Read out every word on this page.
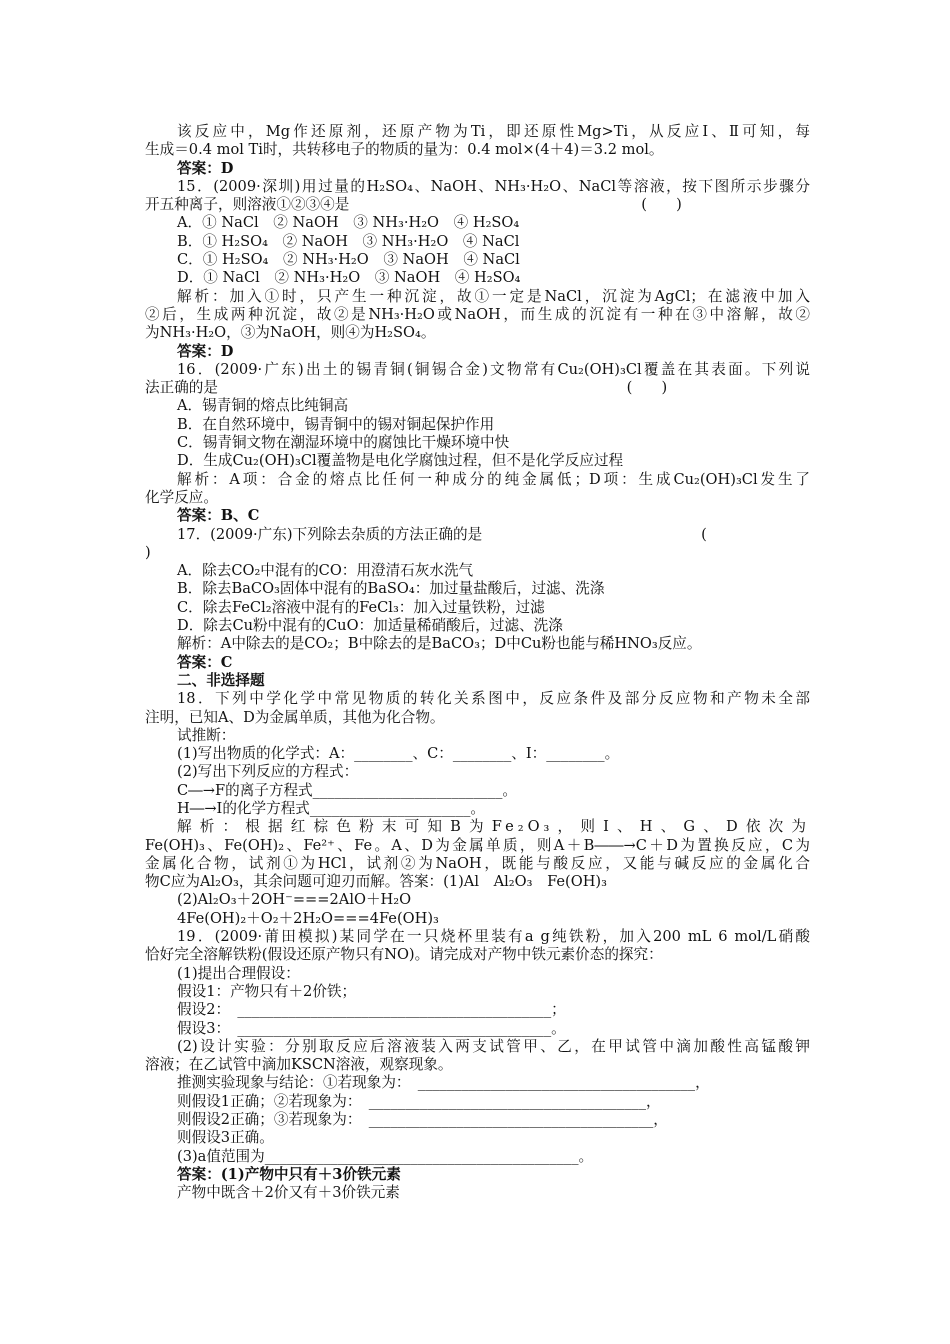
该反应中，Mg作还原剂，还原产物为Ti，即还原性Mg>Ti，从反应Ⅰ、Ⅱ可知，每
生成＝0.4 mol Ti时，共转移电子的物质的量为：0.4 mol×(4＋4)＝3.2 mol。
答案：D
15．(2009·深圳)用过量的H₂SO₄、NaOH、NH₃·H₂O、NaCl等溶液，按下图所示步骤分
开五种离子，则溶液①②③④是　　　　　　　　　　　　　　　　　　　　(　　)
A．① NaCl　② NaOH　③ NH₃·H₂O　④ H₂SO₄
B．① H₂SO₄　② NaOH　③ NH₃·H₂O　④ NaCl
C．① H₂SO₄　② NH₃·H₂O　③ NaOH　④ NaCl
D．① NaCl　② NH₃·H₂O　③ NaOH　④ H₂SO₄
解析：加入①时，只产生一种沉淀，故①一定是NaCl，沉淀为AgCl；在滤液中加入
②后，生成两种沉淀，故②是NH₃·H₂O或NaOH，而生成的沉淀有一种在③中溶解，故②
为NH₃·H₂O，③为NaOH，则④为H₂SO₄。
答案：D
16．(2009·广东)出土的锡青铜(铜锡合金)文物常有Cu₂(OH)₃Cl覆盖在其表面。下列说
法正确的是　　　　　　　　　　　　　　　　　　　　　　　　　　　　(　　)
A．锡青铜的熔点比纯铜高
B．在自然环境中，锡青铜中的锡对铜起保护作用
C．锡青铜文物在潮湿环境中的腐蚀比干燥环境中快
D．生成Cu₂(OH)₃Cl覆盖物是电化学腐蚀过程，但不是化学反应过程
解析：A项：合金的熔点比任何一种成分的纯金属低；D项：生成Cu₂(OH)₃Cl发生了
化学反应。
答案：B、C
17．(2009·广东)下列除去杂质的方法正确的是　　　　　　　　　　　　　　　(
)
A．除去CO₂中混有的CO：用澄清石灰水洗气
B．除去BaCO₃固体中混有的BaSO₄：加过量盐酸后，过滤、洗涤
C．除去FeCl₂溶液中混有的FeCl₃：加入过量铁粉，过滤
D．除去Cu粉中混有的CuO：加适量稀硝酸后，过滤、洗涤
解析：A中除去的是CO₂；B中除去的是BaCO₃；D中Cu粉也能与稀HNO₃反应。
答案：C
二、非选择题
18．下列中学化学中常见物质的转化关系图中，反应条件及部分反应物和产物未全部
注明，已知A、D为金属单质，其他为化合物。
试推断：
(1)写出物质的化学式：A：________、C：________、I：________。
(2)写出下列反应的方程式：
C―→F的离子方程式__________________________。
H―→I的化学方程式______________________。
解析：根据红棕色粉末可知B为Fe₂O₃，则I、H、G、D依次为
Fe(OH)₃、Fe(OH)₂、Fe²⁺、Fe。A、D为金属单质，则A＋B――→C＋D为置换反应，C为
金属化合物，试剂①为HCl，试剂②为NaOH，既能与酸反应，又能与碱反应的金属化合
物C应为Al₂O₃，其余问题可迎刃而解。答案：(1)Al　Al₂O₃　Fe(OH)₃
(2)Al₂O₃＋2OH⁻===2AlO＋H₂O
4Fe(OH)₂＋O₂＋2H₂O===4Fe(OH)₃
19．(2009·莆田模拟)某同学在一只烧杯里装有a g纯铁粉，加入200 mL 6 mol/L硝酸
恰好完全溶解铁粉(假设还原产物只有NO)。请完成对产物中铁元素价态的探究：
(1)提出合理假设：
假设1：产物只有＋2价铁；
假设2：　___________________________________________；
假设3：　___________________________________________。
(2)设计实验：分别取反应后溶液装入两支试管甲、乙，在甲试管中滴加酸性高锰酸钾
溶液；在乙试管中滴加KSCN溶液，观察现象。
推测实验现象与结论：①若现象为：　______________________________________，
则假设1正确；②若现象为：　______________________________________，
则假设2正确；③若现象为：　_______________________________________，
则假设3正确。
(3)a值范围为___________________________________________。
答案：(1)产物中只有＋3价铁元素
产物中既含＋2价又有＋3价铁元素
